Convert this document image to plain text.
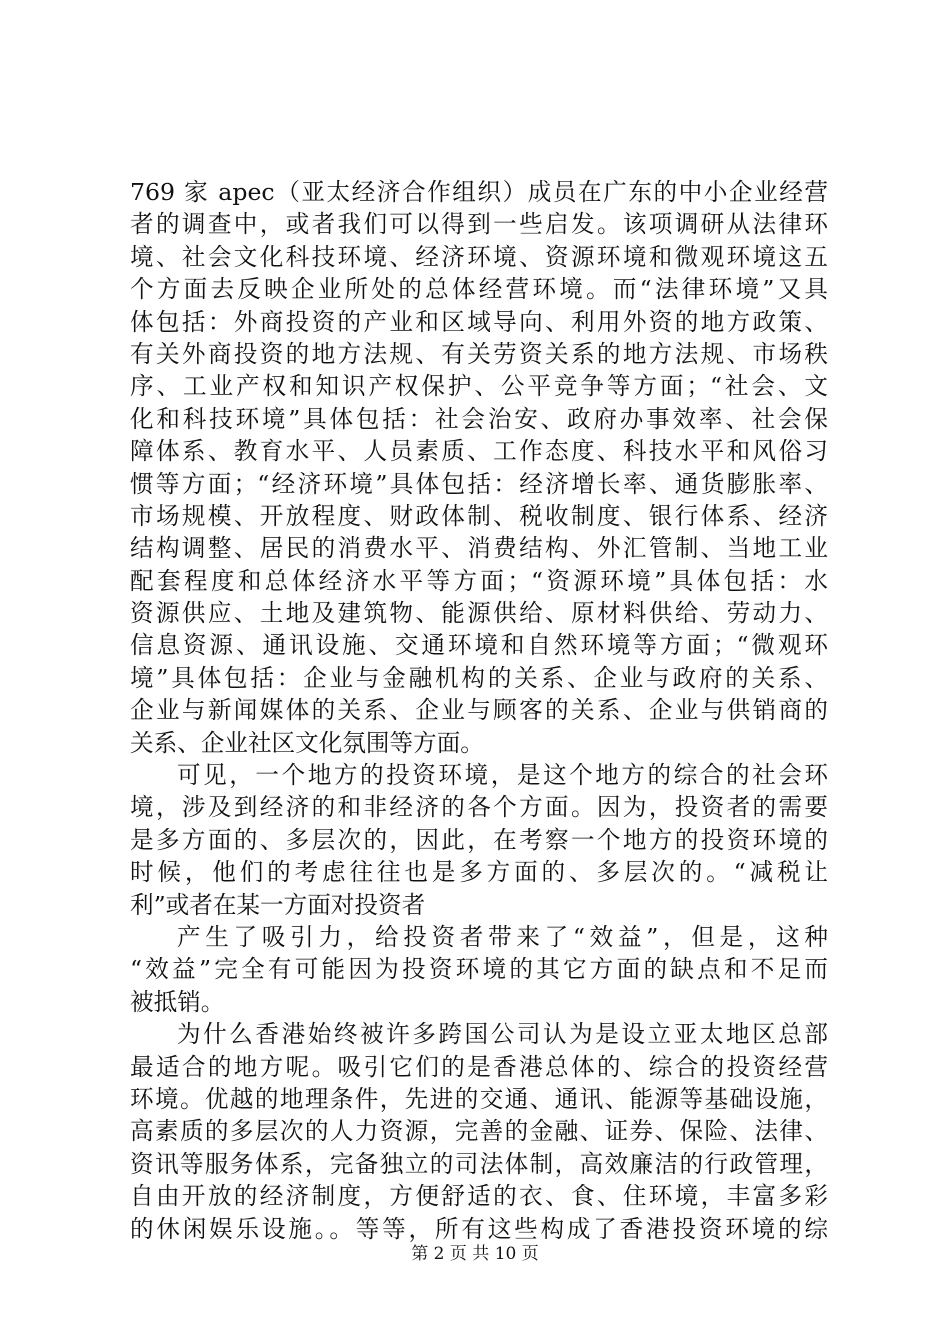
769 家 apec（亚太经济合作组织）成员在广东的中小企业经营
者的调查中，或者我们可以得到一些启发。该项调研从法律环
境、社会文化科技环境、经济环境、资源环境和微观环境这五
个方面去反映企业所处的总体经营环境。而“法律环境”又具
体包括：外商投资的产业和区域导向、利用外资的地方政策、
有关外商投资的地方法规、有关劳资关系的地方法规、市场秩
序、工业产权和知识产权保护、公平竞争等方面；“社会、文
化和科技环境”具体包括：社会治安、政府办事效率、社会保
障体系、教育水平、人员素质、工作态度、科技水平和风俗习
惯等方面；“经济环境”具体包括：经济增长率、通货膨胀率、
市场规模、开放程度、财政体制、税收制度、银行体系、经济
结构调整、居民的消费水平、消费结构、外汇管制、当地工业
配套程度和总体经济水平等方面；“资源环境”具体包括：水
资源供应、土地及建筑物、能源供给、原材料供给、劳动力、
信息资源、通讯设施、交通环境和自然环境等方面；“微观环
境”具体包括：企业与金融机构的关系、企业与政府的关系、
企业与新闻媒体的关系、企业与顾客的关系、企业与供销商的
关系、企业社区文化氛围等方面。
可见，一个地方的投资环境，是这个地方的综合的社会环
境，涉及到经济的和非经济的各个方面。因为，投资者的需要
是多方面的、多层次的，因此，在考察一个地方的投资环境的
时候，他们的考虑往往也是多方面的、多层次的。“减税让
利”或者在某一方面对投资者
产生了吸引力，给投资者带来了“效益”，但是，这种
“效益”完全有可能因为投资环境的其它方面的缺点和不足而
被抵销。
为什么香港始终被许多跨国公司认为是设立亚太地区总部
最适合的地方呢。吸引它们的是香港总体的、综合的投资经营
环境。优越的地理条件，先进的交通、通讯、能源等基础设施，
高素质的多层次的人力资源，完善的金融、证券、保险、法律、
资讯等服务体系，完备独立的司法体制，高效廉洁的行政管理，
自由开放的经济制度，方便舒适的衣、食、住环境，丰富多彩
的休闲娱乐设施。。等等，所有这些构成了香港投资环境的综
第 2 页 共 10 页
